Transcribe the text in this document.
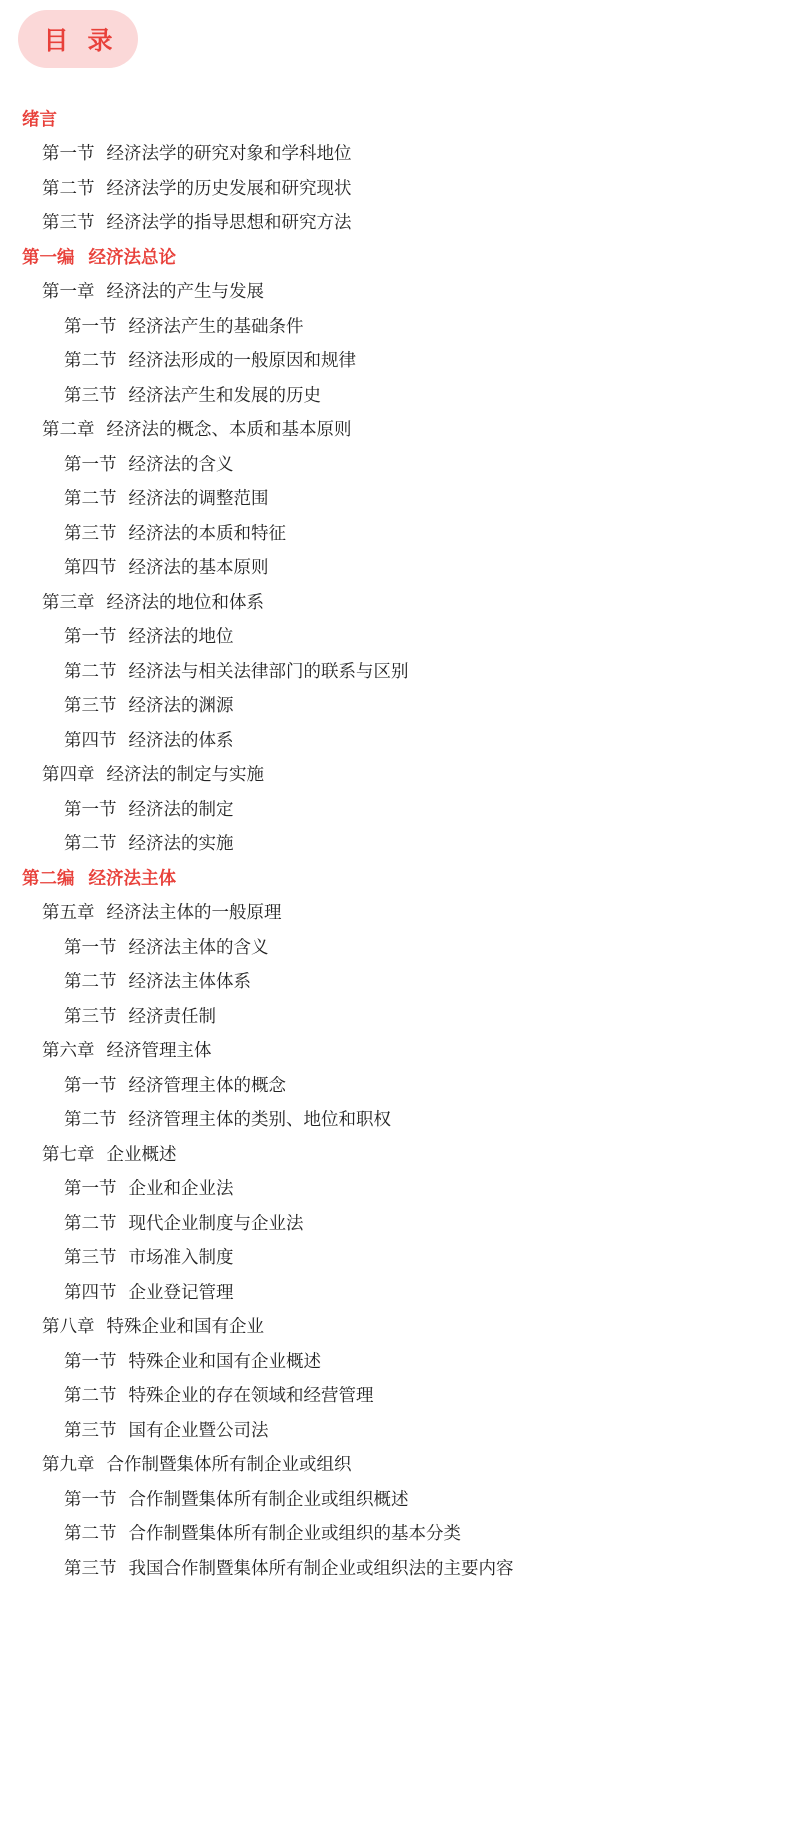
目 录
绪言
第一节 经济法学的研究对象和学科地位
第二节 经济法学的历史发展和研究现状
第三节 经济法学的指导思想和研究方法
第一编 经济法总论
第一章 经济法的产生与发展
第一节 经济法产生的基础条件
第二节 经济法形成的一般原因和规律
第三节 经济法产生和发展的历史
第二章 经济法的概念、本质和基本原则
第一节 经济法的含义
第二节 经济法的调整范围
第三节 经济法的本质和特征
第四节 经济法的基本原则
第三章 经济法的地位和体系
第一节 经济法的地位
第二节 经济法与相关法律部门的联系与区别
第三节 经济法的渊源
第四节 经济法的体系
第四章 经济法的制定与实施
第一节 经济法的制定
第二节 经济法的实施
第二编 经济法主体
第五章 经济法主体的一般原理
第一节 经济法主体的含义
第二节 经济法主体体系
第三节 经济责任制
第六章 经济管理主体
第一节 经济管理主体的概念
第二节 经济管理主体的类别、地位和职权
第七章 企业概述
第一节 企业和企业法
第二节 现代企业制度与企业法
第三节 市场准入制度
第四节 企业登记管理
第八章 特殊企业和国有企业
第一节 特殊企业和国有企业概述
第二节 特殊企业的存在领域和经营管理
第三节 国有企业暨公司法
第九章 合作制暨集体所有制企业或组织
第一节 合作制暨集体所有制企业或组织概述
第二节 合作制暨集体所有制企业或组织的基本分类
第三节 我国合作制暨集体所有制企业或组织法的主要内容
